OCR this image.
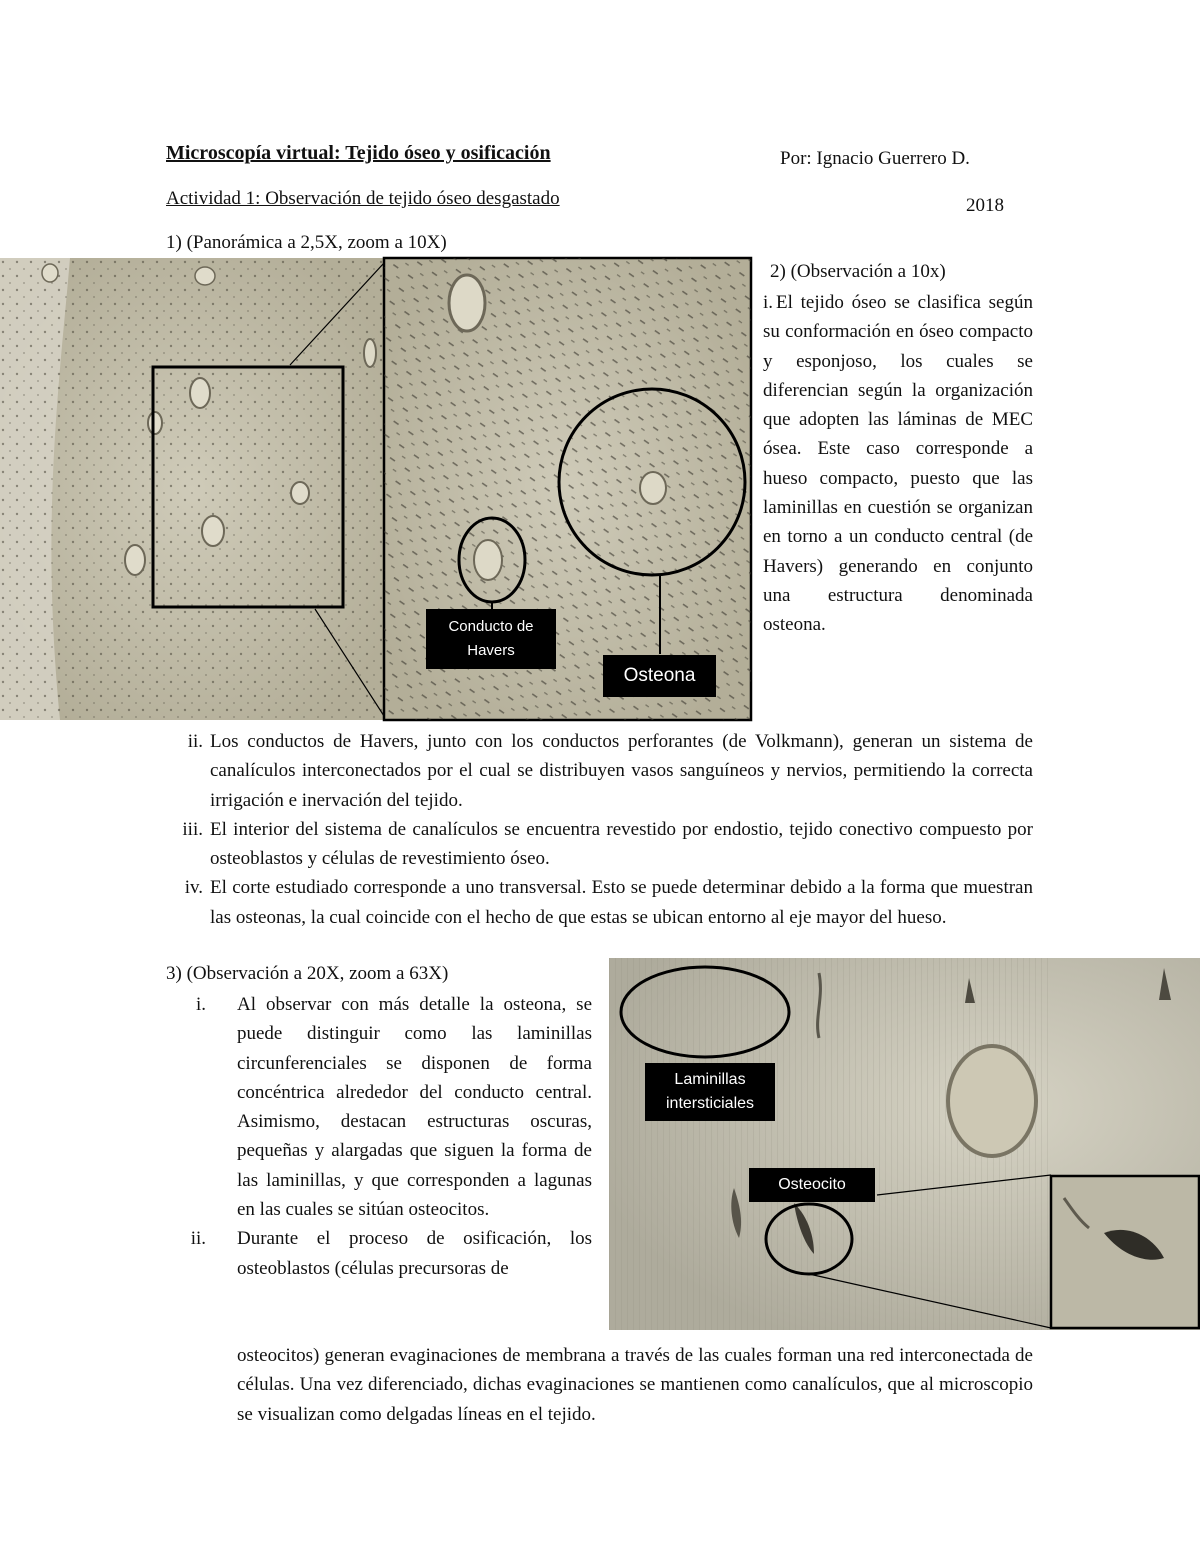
Microscopía virtual: Tejido óseo y osificación	Por: Ignacio Guerrero D.
Actividad 1: Observación de tejido óseo desgastado	2018
1) (Panorámica a 2,5X, zoom a 10X)
Conducto de Havers
Osteona
2) (Observación a 10x)
i. El tejido óseo se clasifica según su conformación en óseo compacto y esponjoso, los cuales se diferencian según la organización que adopten las láminas de MEC ósea. Este caso corresponde a hueso compacto, puesto que las laminillas en cuestión se organizan en torno a un conducto central (de Havers) generando en conjunto una estructura denominada osteona.
ii. Los conductos de Havers, junto con los conductos perforantes (de Volkmann), generan un sistema de canalículos interconectados por el cual se distribuyen vasos sanguíneos y nervios, permitiendo la correcta irrigación e inervación del tejido.
iii. El interior del sistema de canalículos se encuentra revestido por endostio, tejido conectivo compuesto por osteoblastos y células de revestimiento óseo.
iv. El corte estudiado corresponde a uno transversal. Esto se puede determinar debido a la forma que muestran las osteonas, la cual coincide con el hecho de que estas se ubican entorno al eje mayor del hueso.
3) (Observación a 20X, zoom a 63X)
i. Al observar con más detalle la osteona, se puede distinguir como las laminillas circunferenciales se disponen de forma concéntrica alrededor del conducto central. Asimismo, destacan estructuras oscuras, pequeñas y alargadas que siguen la forma de las laminillas, y que corresponden a lagunas en las cuales se sitúan osteocitos.
ii. Durante el proceso de osificación, los osteoblastos (células precursoras de
osteocitos) generan evaginaciones de membrana a través de las cuales forman una red interconectada de células. Una vez diferenciado, dichas evaginaciones se mantienen como canalículos, que al microscopio se visualizan como delgadas líneas en el tejido.
Laminillas intersticiales
Osteocito
